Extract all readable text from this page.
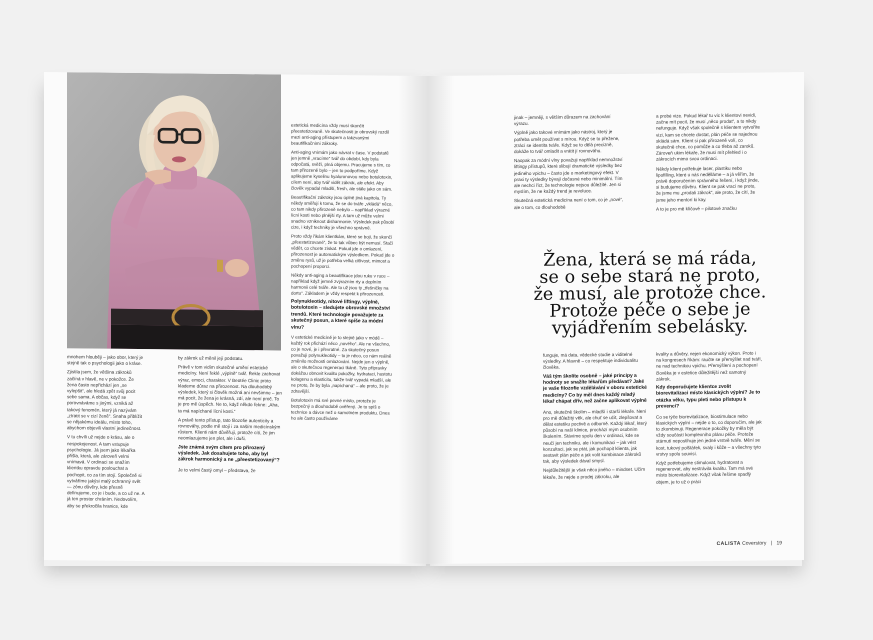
mnohem hlouběji – jako obor, který je stejně tak o psychologii jako o kráse.

Zjistila jsem, že většina zákroků začíná v hlavě, ne v pokožce. Že žena často nepřichází jen „se vylepšit“, ale hledá zpět svůj pocit sebe sama. A občas, když se porovnáváme s jinými, vzniká až takový fenomén, který já nazývám „ztratit se v cizí ženě“. Snaha přiblížit se nějakému ideálu, místo toho, abychom objevili vlastní jedinečnost.

V tu chvíli už nejde o krásu, ale o nespokojenost. A tam vstupuje psychologie. Já jsem jako lékařka přišla, která, ale zároveň velmi vnímavá. V ordinaci se snažím klientku opravdu poslouchat a pochopit, co za tím stojí. Společně si vytváříme jakýsi malý ochranný svět — zónu důvěry, kde přesně definujeme, co je i bude, a co už ne. A já ten prostor chráním. Nedovolím, aby se překročila hranice, kde

by zákrok už měnil její podstatu.

Právě v tom vidím skutečné umění estetické medicíny. Není řeklé „výplně“ tvář. Řekle zachovat výraz, emoci, charakter. V Beotée Clinic proto klademe důraz na přirozenost. Na dlouhodobý výsledek, který si člověk možná ani nevšimne – jen má pocit, že žena je krásná, zdí, ale není proč. To je pro mě úspěch. Ne to, když někdo řekne: „Aha, ta má napíchané lícní kosti.“

A právě tento přístup, tato filozofie autenticity a rovnováhy, podle mě stojí i za naším medicínským růstem. Klienti nám důvěřují, protože cítí, že jim neomlazujeme jen plet, ale i duši.

Jste známá svým citem pro přirozený výsledek. Jak dosahujete toho, aby byl zákrok harmonický a ne „přeestetizovaný“?

Je to velmi častý omyl – představa, že

estetická medicína vždy musí skončit přeestetizovaně. Ve skutečnosti je obrovský rozdíl mezi anti-aging přístupem a takzvanými beautifikačními zákroky.

Anti-aging vnímám jako návrat v čase. V podstatě jen jemně „vracíme“ tvář do období, kdy byla odpočatá, svěží, plná objemu. Pracujeme s tím, co tam přirozeně bylo – jen to podpoříme. Když aplikujeme kyselinu hyaluronovou nebo botulotoxin, cílem není, aby tvář vidět zákrok, ale efekt. Aby člověk vypadal mladší, fresh, ale stále jako on sám.

Beautifikační zákroky jsou úplně jiná kapitola. Ty někdy směřují k tomu, že se do tváře „vkládá“ něco, co tam nikdy přirozeně nebylo – například výrazné lícní kosti nebo plnější rty. A tam už může velmi snadno vzniknout disharmonie. Výsledek pak působí cize, i když techniky je všechno správně.

Proto vždy říkám klientkám, které se bojí, že skončí „přeestetizované“, že to tak vůbec být nemusí. Stačí vědět, co chcete získat. Pokud jde o omlazení, přirozenost je automatickým výsledkem. Pokud jde o změnu rysů, už je potřeba velká citlivost, mimost a pochopení proporcí.

Někdy anti-aging a beautifikace jdou ruku v ruce – například když jemně zvýrazním rty a doplním harmonii celé tváře. Ale to už jsou ty „třešničky na dortu“. Základem je vždy respekt k přirozenosti.

Polynukleotidy, nitové liftingy, výplně, botulotoxin – sledujete obrovské množství trendů. Které technologie považujete za skutečný posun, a které spíše za módní vlnu?

V estetické medicíně je to stejně jako v módě – každý rok přichází něco „nového“. Ale ne všechno, co je nové, je i převratné. Za skutečný posun považuji polynukleotidy – to je něco, co nám reálně změnilo možnosti omlazování. Nejde jen o výplně, ale o skutečnou regeneraci tkáně. Tyto přípravky dokážou obnovit kvalitu pokožky, hydrataci, hustotu kolagenu a elasticitu, takže tvář vypadá mladší, ale ne proto, že by byla „napíchaná“ – ale proto, že je zdravější.

Botulotoxin má své pevné místo, protože je bezpečný a dlouhodobě ověřený. Je to spíš o technice a dávce než o samotném produktu. Dnes ho ale často používáme

jinak – jemněji, s větším důrazem na zachování výrazu.

Výplně jako takové vnímám jako nástroj, který je potřeba umět používat s mírou. Když se to přežene, ztrácí se identita tváře. Když se to dělá precizně, dokáže to tvář omladit a vrátit jí rovnováhu.

Naopak za módní vlny považuji například nemnožství liftingy přístupů, které slibují dramatické výsledky bez jediného vpichu – často jde o marketingový efekt. V praxi ty výsledky bývají dočasné nebo minimální. Tím ale nechci říct, že technologie nejsou důležité. Jen si myslím, že ne každý trend je revoluce.

Skutečná estetická medicína není o tom, co je „nové“, ale o tom, co dlouhodobě

a probé vize. Pokud lékař tu víc k klientovi nevidí, začne mít pocit, že musí „něco prodat“, a to nikdy nefunguje. Když však společně s klientem vytvoříte vizi, kam se chcete dostat, plán péče se najednou skládá sám. Klient si pak přirozeně volí, co skutečně chce, co pomůže a co třeba až zaroků. Zároveň ukim lékaře, že musí mít přehled i o zákrocích mimo svou ordinaci.

Někdy klient potřebuje laser, plastiku nebo lipofilling, které u nás nedělláme – a já věřím, že právě doporučením správného řešení, i když jinde, si budujeme důvěru. Klient se pak vrací ne proto, že jsme mu „prodali zákrok“, ale proto, že cítí, že jsme jeho mentorí ki kay.

A to je pro mě klíčové – pilotové značku

Žena, která se má ráda,
se o sebe stará ne proto,
že musí, ale protože chce.
Protože péče o sebe je
vyjádřením sebelásky.

funguje, má data, vědecké studie a viditelné výsledky. A hlavně – co respektuje individualitu člověka.

Váš tým školíte osobně – jaké principy a hodnoty se snažíte lékařům předávat? Jaké je vaše filozofie vzdělávání v oboru estetické medicíny? Co by měl dnes každý mladý lékař chápat dřív, než začne aplikovat výplně

Ano, skutečně školím – mladší i starší lékaře. Není pro mě důležitý věk, ale chuť se učit, zlepšovat a dělat estetiku poctivě a odborně. Každý lékař, který působí na naší klinice, prochází mým osobním školením. Stávíme spolu den v ordinaci, kde se neučí jen techniku, ale i komunikaci – jak vést konzultaci, jak se ptát, jak pochopit klienta, jak sestavit plán péče a jak volit kombinace zákroků tak, aby výsledek dával smysl.

Nejdůležitější je však něco jiného – mindset. Učím lékaře, že nejde o prodej zákroku, ale

kvality a důvěry, nejen ekonomický výkon. Proto i na kongresech říkám: raučte se přemýšlet nad tváří, ne nad technikou vpichu. Přemýšlení a pochopení člověka je v estetice důležitější než samotný zákrok.

Kdy doporučujete klientce zvolit biorevitalizaci místo klasických výplní? Je to otázka věku, typu pleti nebo přístupu k prevenci?

Co se týče biorevitalizace, biostimulace nebo klasických výplní – nejde o to, co doporučím, ale jak to zkombinuji. Regenerace pokožky by měla být vždy součástí komplexního plánu péče. Protože stárnutí nepostihuje jen jedné vrstvě tváře. Mění se kost, tukový polštářek, svaly i kůže – a všechny tyto vrstvy spolu souvisí.

Když potřebujeme stimulovat, hydratovat a regenerovat, aby nestrávila kvalitu. Tam má své místo biorevitalizace. Když však řešíme spadlý objem, je to už o práci

CALISTA Coverstory | 19
